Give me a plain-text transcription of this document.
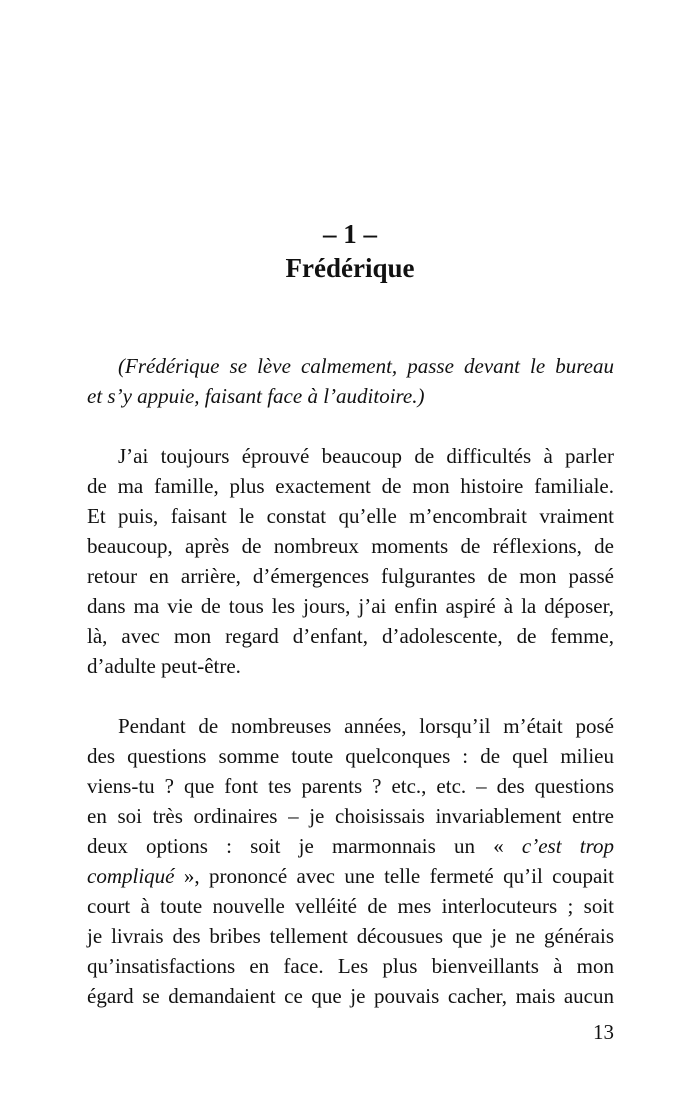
– 1 –
Frédérique

(Frédérique se lève calmement, passe devant le bureau

et s’y appuie, faisant face à l’auditoire.)

J’ai toujours éprouvé beaucoup de difficultés à parler

de ma famille, plus exactement de mon histoire familiale.

Et puis, faisant le constat qu’elle m’encombrait vraiment

beaucoup, après de nombreux moments de réflexions, de

retour en arrière, d’émergences fulgurantes de mon passé

dans ma vie de tous les jours, j’ai enfin aspiré à la déposer,

là, avec mon regard d’enfant, d’adolescente, de femme,

d’adulte peut-être.

Pendant de nombreuses années, lorsqu’il m’était posé

des questions somme toute quelconques : de quel milieu

viens-tu ? que font tes parents ? etc., etc. – des questions

en soi très ordinaires – je choisissais invariablement entre

deux options : soit je marmonnais un « c’est trop

compliqué », prononcé avec une telle fermeté qu’il coupait

court à toute nouvelle velléité de mes interlocuteurs ; soit

je livrais des bribes tellement décousues que je ne générais

qu’insatisfactions en face. Les plus bienveillants à mon

égard se demandaient ce que je pouvais cacher, mais aucun

13
